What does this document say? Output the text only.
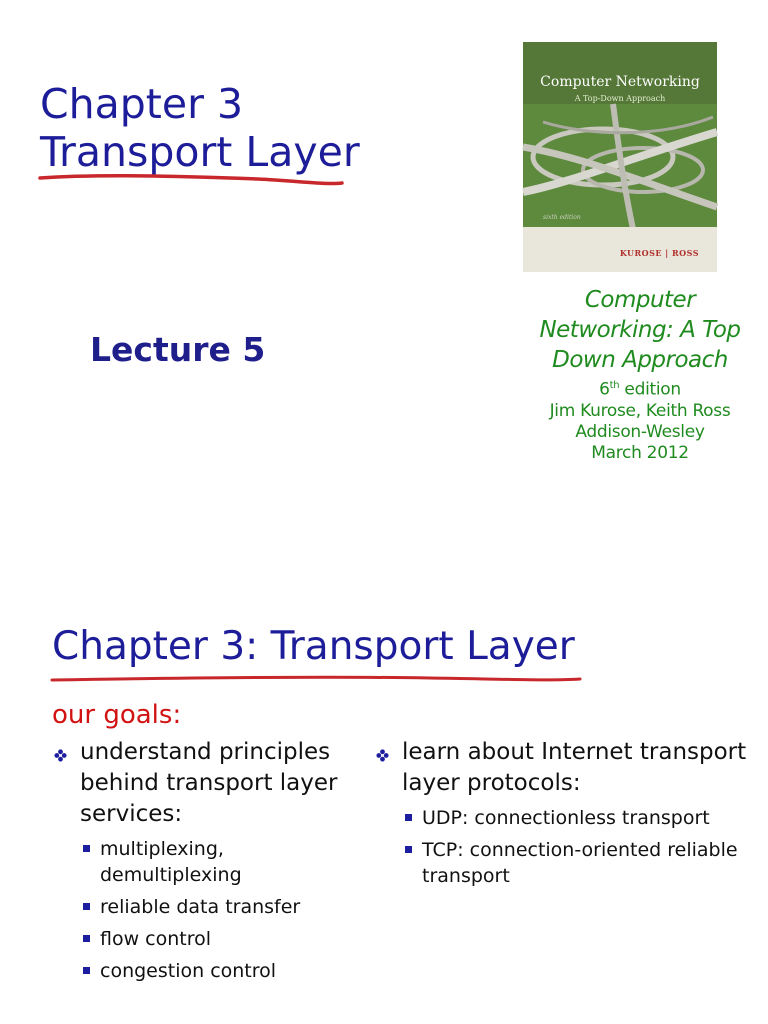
Chapter 3
Transport Layer
Lecture 5
Computer Networking
A Top-Down Approach
sixth edition
KUROSE | ROSS
Computer
Networking: A Top
Down Approach
6th edition
Jim Kurose, Keith Ross
Addison-Wesley
March 2012
Chapter 3: Transport Layer
our goals:
understand principles behind transport layer services:
multiplexing, demultiplexing
reliable data transfer
flow control
congestion control
learn about Internet transport layer protocols:
UDP: connectionless transport
TCP: connection-oriented reliable transport
